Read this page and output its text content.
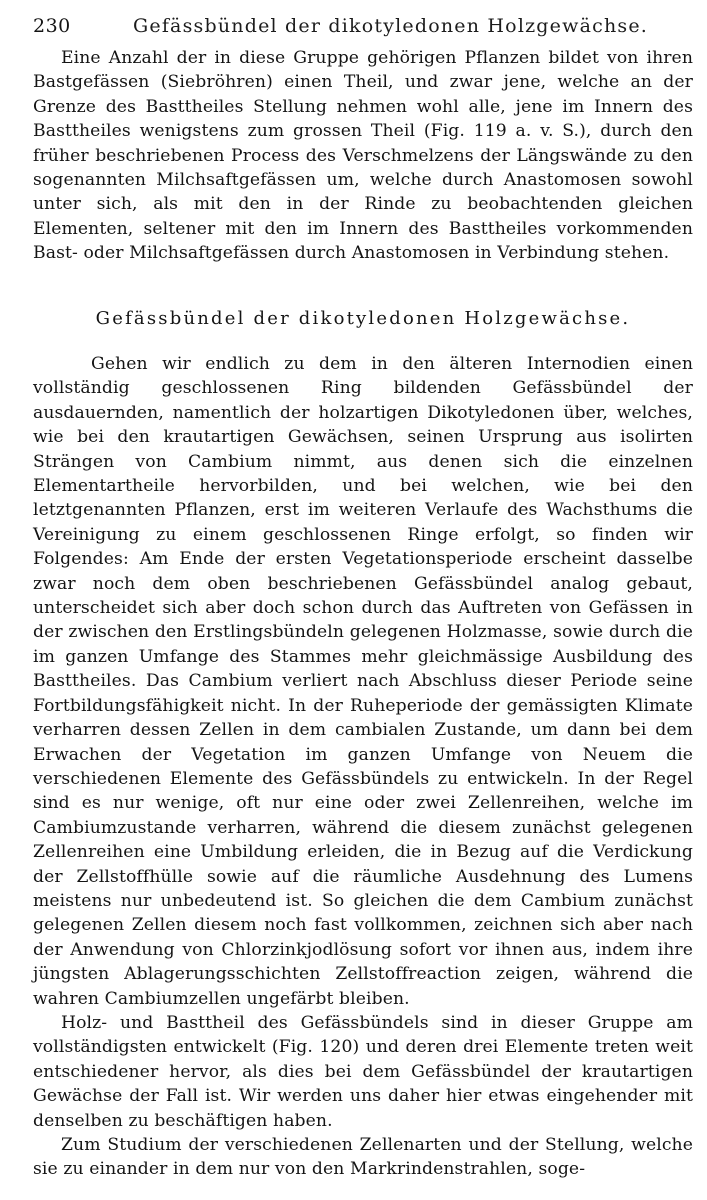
230	Gefässbündel der dikotyledonen Holzgewächse.

Eine Anzahl der in diese Gruppe gehörigen Pflanzen bildet von ihren Bastgefässen (Siebröhren) einen Theil, und zwar jene, welche an der Grenze des Basttheiles Stellung nehmen wohl alle, jene im Innern des Basttheiles wenigstens zum grossen Theil (Fig. 119 a. v. S.), durch den früher beschriebenen Process des Verschmelzens der Längswände zu den sogenannten Milchsaftgefässen um, welche durch Anastomosen sowohl unter sich, als mit den in der Rinde zu beobachtenden gleichen Elementen, seltener mit den im Innern des Basttheiles vorkommenden Bast- oder Milchsaftgefässen durch Anastomosen in Verbindung stehen.

Gefässbündel der dikotyledonen Holzgewächse.

Gehen wir endlich zu dem in den älteren Internodien einen vollständig geschlossenen Ring bildenden Gefässbündel der ausdauernden, namentlich der holzartigen Dikotyledonen über, welches, wie bei den krautartigen Gewächsen, seinen Ursprung aus isolirten Strängen von Cambium nimmt, aus denen sich die einzelnen Elementartheile hervorbilden, und bei welchen, wie bei den letztgenannten Pflanzen, erst im weiteren Verlaufe des Wachsthums die Vereinigung zu einem geschlossenen Ringe erfolgt, so finden wir Folgendes: Am Ende der ersten Vegetationsperiode erscheint dasselbe zwar noch dem oben beschriebenen Gefässbündel analog gebaut, unterscheidet sich aber doch schon durch das Auftreten von Gefässen in der zwischen den Erstlingsbündeln gelegenen Holzmasse, sowie durch die im ganzen Umfange des Stammes mehr gleichmässige Ausbildung des Basttheiles. Das Cambium verliert nach Abschluss dieser Periode seine Fortbildungsfähigkeit nicht. In der Ruheperiode der gemässigten Klimate verharren dessen Zellen in dem cambialen Zustande, um dann bei dem Erwachen der Vegetation im ganzen Umfange von Neuem die verschiedenen Elemente des Gefässbündels zu entwickeln. In der Regel sind es nur wenige, oft nur eine oder zwei Zellenreihen, welche im Cambiumzustande verharren, während die diesem zunächst gelegenen Zellenreihen eine Umbildung erleiden, die in Bezug auf die Verdickung der Zellstoffhülle sowie auf die räumliche Ausdehnung des Lumens meistens nur unbedeutend ist. So gleichen die dem Cambium zunächst gelegenen Zellen diesem noch fast vollkommen, zeichnen sich aber nach der Anwendung von Chlorzinkjodlösung sofort vor ihnen aus, indem ihre jüngsten Ablagerungsschichten Zellstoffreaction zeigen, während die wahren Cambiumzellen ungefärbt bleiben.

Holz- und Basttheil des Gefässbündels sind in dieser Gruppe am vollständigsten entwickelt (Fig. 120) und deren drei Elemente treten weit entschiedener hervor, als dies bei dem Gefässbündel der krautartigen Gewächse der Fall ist. Wir werden uns daher hier etwas eingehender mit denselben zu beschäftigen haben.

Zum Studium der verschiedenen Zellenarten und der Stellung, welche sie zu einander in dem nur von den Markrindenstrahlen, soge-
